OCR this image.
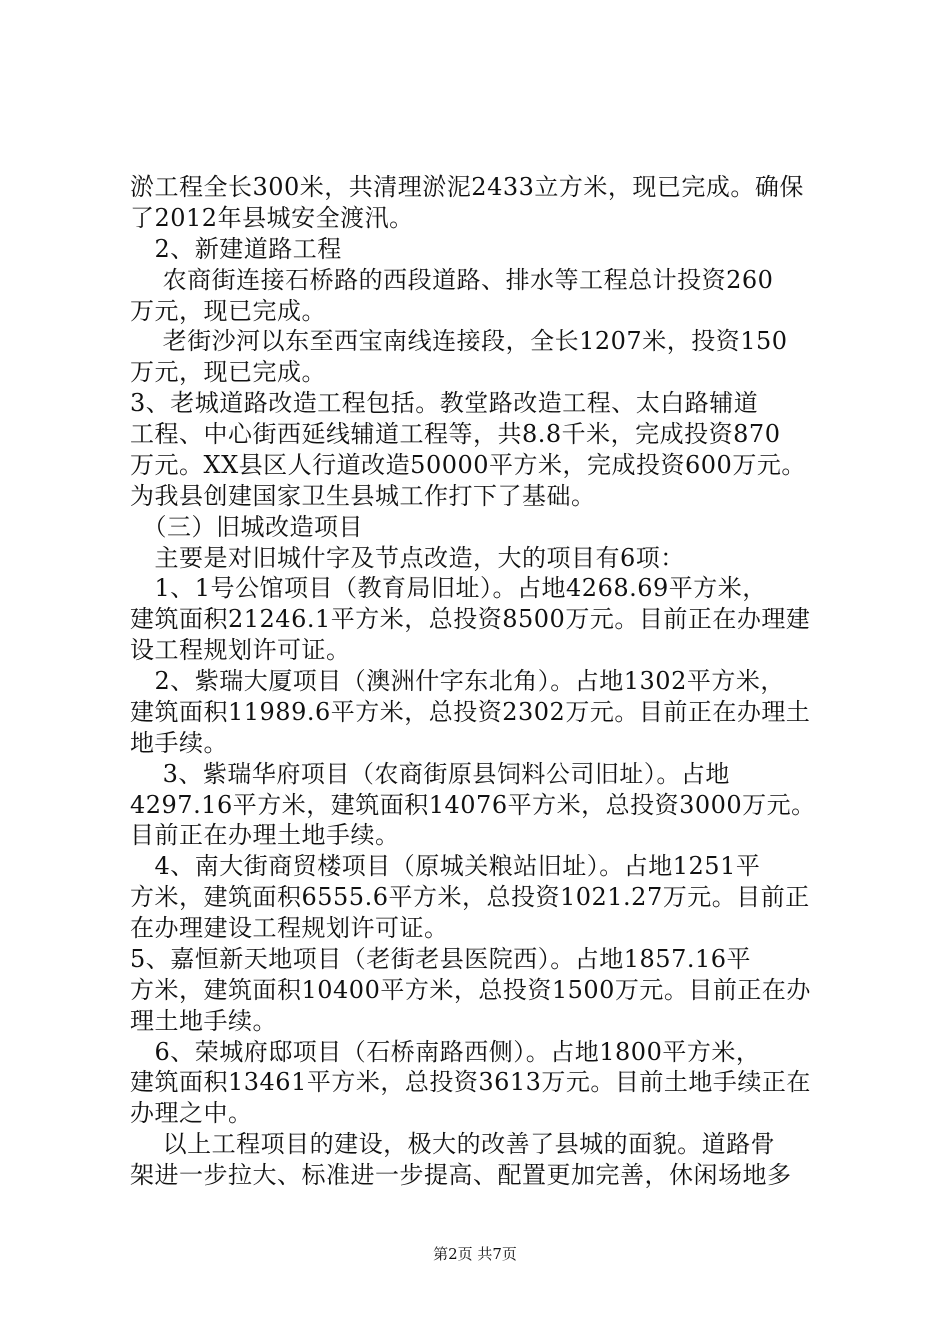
淤工程全长300米，共清理淤泥2433立方米，现已完成。确保
了2012年县城安全渡汛。
　2、新建道路工程
　 农商街连接石桥路的西段道路、排水等工程总计投资260
万元，现已完成。
　 老街沙河以东至西宝南线连接段，全长1207米，投资150
万元，现已完成。
3、老城道路改造工程包括。教堂路改造工程、太白路辅道
工程、中心街西延线辅道工程等，共8.8千米，完成投资870
万元。XX县区人行道改造50000平方米，完成投资600万元。
为我县创建国家卫生县城工作打下了基础。
　（三）旧城改造项目
　主要是对旧城什字及节点改造，大的项目有6项：
　1、1号公馆项目（教育局旧址）。占地4268.69平方米，
建筑面积21246.1平方米，总投资8500万元。目前正在办理建
设工程规划许可证。
　2、紫瑞大厦项目（澳洲什字东北角）。占地1302平方米，
建筑面积11989.6平方米，总投资2302万元。目前正在办理土
地手续。
　 3、紫瑞华府项目（农商街原县饲料公司旧址）。占地
4297.16平方米，建筑面积14076平方米，总投资3000万元。
目前正在办理土地手续。
　4、南大街商贸楼项目（原城关粮站旧址）。占地1251平
方米，建筑面积6555.6平方米，总投资1021.27万元。目前正
在办理建设工程规划许可证。
5、嘉恒新天地项目（老街老县医院西）。占地1857.16平
方米，建筑面积10400平方米，总投资1500万元。目前正在办
理土地手续。
　6、荣城府邸项目（石桥南路西侧）。占地1800平方米，
建筑面积13461平方米，总投资3613万元。目前土地手续正在
办理之中。
　 以上工程项目的建设，极大的改善了县城的面貌。道路骨
架进一步拉大、标准进一步提高、配置更加完善，休闲场地多
第2页 共7页
